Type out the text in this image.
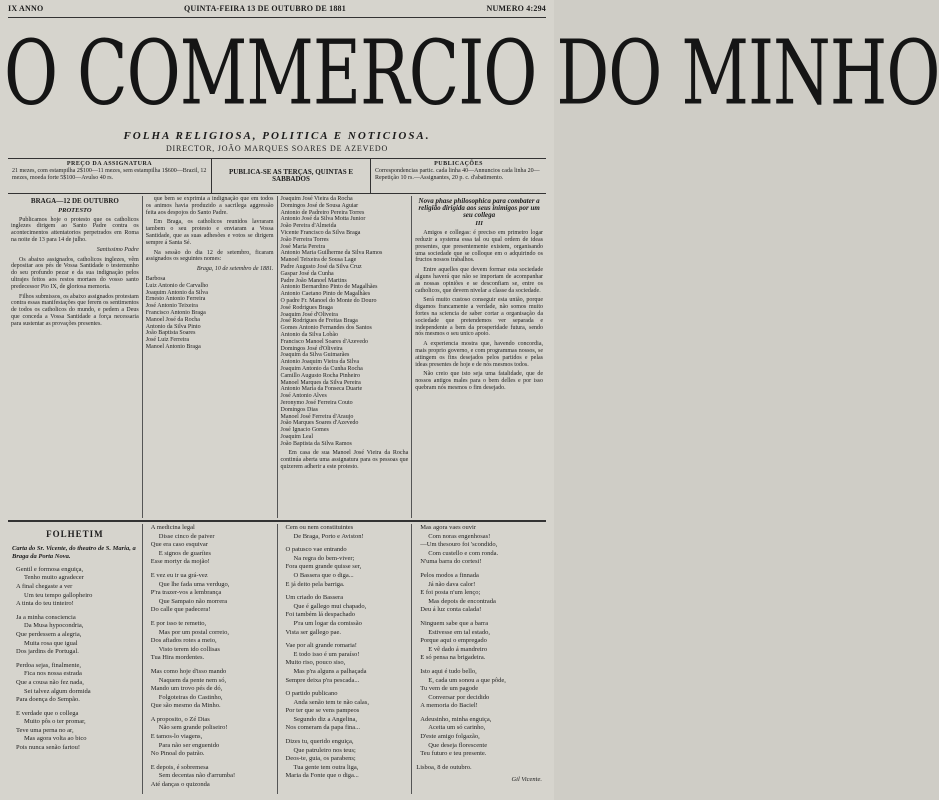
IX ANNO	QUINTA-FEIRA 13 DE OUTUBRO DE 1881	NUMERO 4:294
O COMMERCIO DO MINHO
FOLHA RELIGIOSA, POLITICA E NOTICIOSA.
DIRECTOR, JOÃO MARQUES SOARES DE AZEVEDO
PREÇO DA ASSIGNATURA
21 mezes, com estampilha 2$100—11 mezes, sem estampilha 1$600—Brazil, 12 mezes, moeda forte 5$100—Avulso 40 rs.
PUBLICA-SE AS TERÇAS, QUINTAS E SABBADOS
PUBLICAÇÕES
Correspondencias partic. cada linha 40—Annuncios cada linha 20—Repetição 10 rs.—Assignantes, 20 p. c. d'abatimento.

BRAGA—12 DE OUTUBRO

PROTESTO

Publicamos hoje o protesto que os catholicos inglezes dirigem ao Santo Padre contra os acontecimentos attentatorios perpetrados em Roma na noite de 13 para 14 de julho.

Santissimo Padre

Os abaixo assignados, catholicos inglezes, vêm depositar aos pés de Vossa Santidade o testemunho do seu profundo pezar e da sua indignação pelos ultrajes feitos aos restos mortaes do vosso santo predecessor Pio IX, de gloriosa memoria.

Filhos submissos, os abaixo assignados protestam contra essas manifestações que ferem os sentimentos de todos os catholicos do mundo, e pedem a Deus que conceda a Vossa Santidade a força necessaria para sustentar as provações presentes.

que bem se exprimia a indignação que em todos os animos havia produzido a sacrilega aggressão feita aos despojos do Santo Padre.

Em Braga, os catholicos reunidos lavraram tambem o seu protesto e enviaram a Vossa Santidade, que as suas adhesões e votos se dirigem sempre á Santa Sé.

Na sessão do dia 12 de setembro, ficaram assignados os seguintes nomes:

Braga, 10 de setembro de 1881.

Barbosa

Luiz Antonio de Carvalho

Joaquim Antonio da Silva

Ernesto Antonio Ferreira

José Antonio Teixeira

Francisco Antonio Braga

Manoel José da Rocha

Antonio da Silva Pinto

João Baptista Soares

José Luiz Ferreira

Manoel Antonio Braga

Joaquim José Vieira da Rocha

Domingos José de Sousa Aguiar

Antonio de Padreiro Pereira Torres

Antonio José da Silva Motta Junior

João Pereira d'Almeida

Vicente Francisco da Silva Braga

João Ferreira Torres

José Maria Pereira

Antonio Maria Guilherme da Silva Ramos

Manoel Teixeira de Sousa Lage

Padre Augusto José da Silva Cruz

Gaspar José da Cunha

Padre João Manoel Martins

Antonio Bernardino Pinto de Magalhães

Antonio Caetano Pinto de Magalhães

O padre Fr. Manoel do Monte do Douro

José Rodrigues Braga

Joaquim José d'Oliveira

José Rodrigues de Freitas Braga

Gomes Antonio Fernandes dos Santos

Antonio da Silva Lobão

Francisco Manoel Soares d'Azevedo

Domingos José d'Oliveira

Joaquim da Silva Guimarães

Antonio Joaquim Vieira da Silva

Joaquim Antonio da Cunha Rocha

Camillo Augusto Rocha Pinheiro

Manoel Marques da Silva Pereira

Antonio Maria da Fonseca Duarte

José Antonio Alves

Jeronymo José Ferreira Couto

Domingos Dias

Manoel José Ferreira d'Araujo

João Marques Soares d'Azevedo

José Ignacio Gomes

Joaquim Leal

João Baptista da Silva Ramos

Em casa de sua Manoel José Vieira da Rocha continúa aberta uma assignatura para os pessoas que quizerem adherir a este protesto.

Nova phase philosophica para combater a religião dirigida aos seus inimigos por um seu collega

III

Amigos e collegas: é preciso em primeiro logar reduzir a systema essa tal ou qual ordem de ideas presentes, que presentemente existem, organisando uma sociedade que se colloque em o adquirindo os fructos nossos trabalhos.

Entre aquelles que devem formar esta sociedade alguns haverá que não se importam de acompanhar as nossas opiniões e se desconfiam se, entre os catholicos, que devem nivelar a classe da sociedade.

Será muito custoso conseguir esta união, porque digamos francamente a verdade, não somos muito fortes na sciencia de saber cortar a organisação da sociedade que pretendemos ver separada e independente a bem da prosperidade futura, sendo nós mesmos o seu unico apoio.

A experiencia mostra que, havendo concordia, mais proprio governo, e com programmas nossos, se attingem os fins desejados pelos partidos e pelas ideas presentes de hoje e de nós mesmos todos.

Não creio que isto seja uma fatalidade, que de nossos antigos males para o bem delles e por isso quebram nós mesmos o fim desejado.

FOLHETIM
Carta do Sr. Vicente, do theatro de S. Maria, a Braga da Porta Nova.

Gentil e formosa enguiça,

Tenho muito agradecer

A final chegaste a ver

Um teu tempo gallopheiro

A tinta do teu tinteiro!

Ja a minha consciencia

Da Musa hypocondria,

Que perdessem a alegria,

Muita rosa que igual

Dos jardins de Portugal.

Perdoa sejas, finalmente,

Fica nos nossa estrada

Que a cousa não fez nada,

Sei talvez algum dormida

Para doença do Sempão.

E verdade que o collega

Muito pôs o ter promar,

Teve uma perna no ar,

Mas agora volta ao bico

Pois nunca senão fartou!

A medicina legal

Disse cinco de paiver

Que era caso esquivar

E signos de guarítes

Esse mortyr da mojão!

E vez eu ir ua grá-vez

Que lhe fada uma verdugo,

P'ra trazer-vos a lembrança

Que Sampaio não morrera

Do calle que padecera!

E por isso te remetto,

Mas por um postal correio,

Dos afiados rotes a meio,

Visto terem ido collisas

Tua Hira mordentes.

Mas como hoje d'isso mando

Naquem da pente nem só,

Mando um trovo pés de dó,

Folgoteiras do Castinho,

Que são mesmo da Minho.

A proposito, o Zé Dias

Não sem grande poliseiro!

E tamos-lo viagens,

Para não ser enguenido

No Pinoal do patrão.

E depois, é sobremesa

Sem decentas não d'arrumba!

Até danças o quizonda

Cem ou nem constituintes

De Braga, Porto e Aviston!

O patusco vae entrando

Na regra do bem-viver;

Fora quem grande quisse ser,

O Bassera que o diga...

E já deito pela barriga.

Um criado do Bassera

Que é gallego mui chapado,

Foi também lá despachado

P'ra um logar da comissão

Vista ser gallego pae.

Vae por ali grande romaria!

E todo isso é um paraíso!

Muito riso, pouco siso,

Mas p'ra alguns a palhaçada

Sempre deixa p'ra pescada...

O partido publicano

Anda senão tem te não calas,

Por ter que se vens pampeos

Segundo diz a Angelina,

Nos comeram da papa fina...

Dizes tu, querido enguiça,

Que patruleiro nos teus;

Deos-te, guia, os parabens;

Tua gente tem outra liga,

Maria da Fonte que o diga...

Mas agora vaes ouvir

Com noras engenhosas!

—Um thesouro foi 'scondido,

Com custello e com ronda.

N'uma barra do cortesi!

Pelos modos a finnada

Já não dava calor!

E foi posta n'um lenço;

Mas depois de encontrada

Deu á luz conta calada!

Ninguem sabe que a barra

Estivesse em tal estado,

Porque aqui o empregado

E vê dado á mandreiro

E só pensa na brigadeira.

Isto aqui é tudo bello,

E, cada um sonou a que pôde,

Tu vem de um pagode

Conversar por decidido

A memoria do Baciel!

Adeusinho, minha enguiça,

Aceita um só carinho,

D'este amigo folgazão,

Que deseja florescente

Teu futuro e teu presente.

Lisboa, 8 de outubro.
Gil Vicente.
